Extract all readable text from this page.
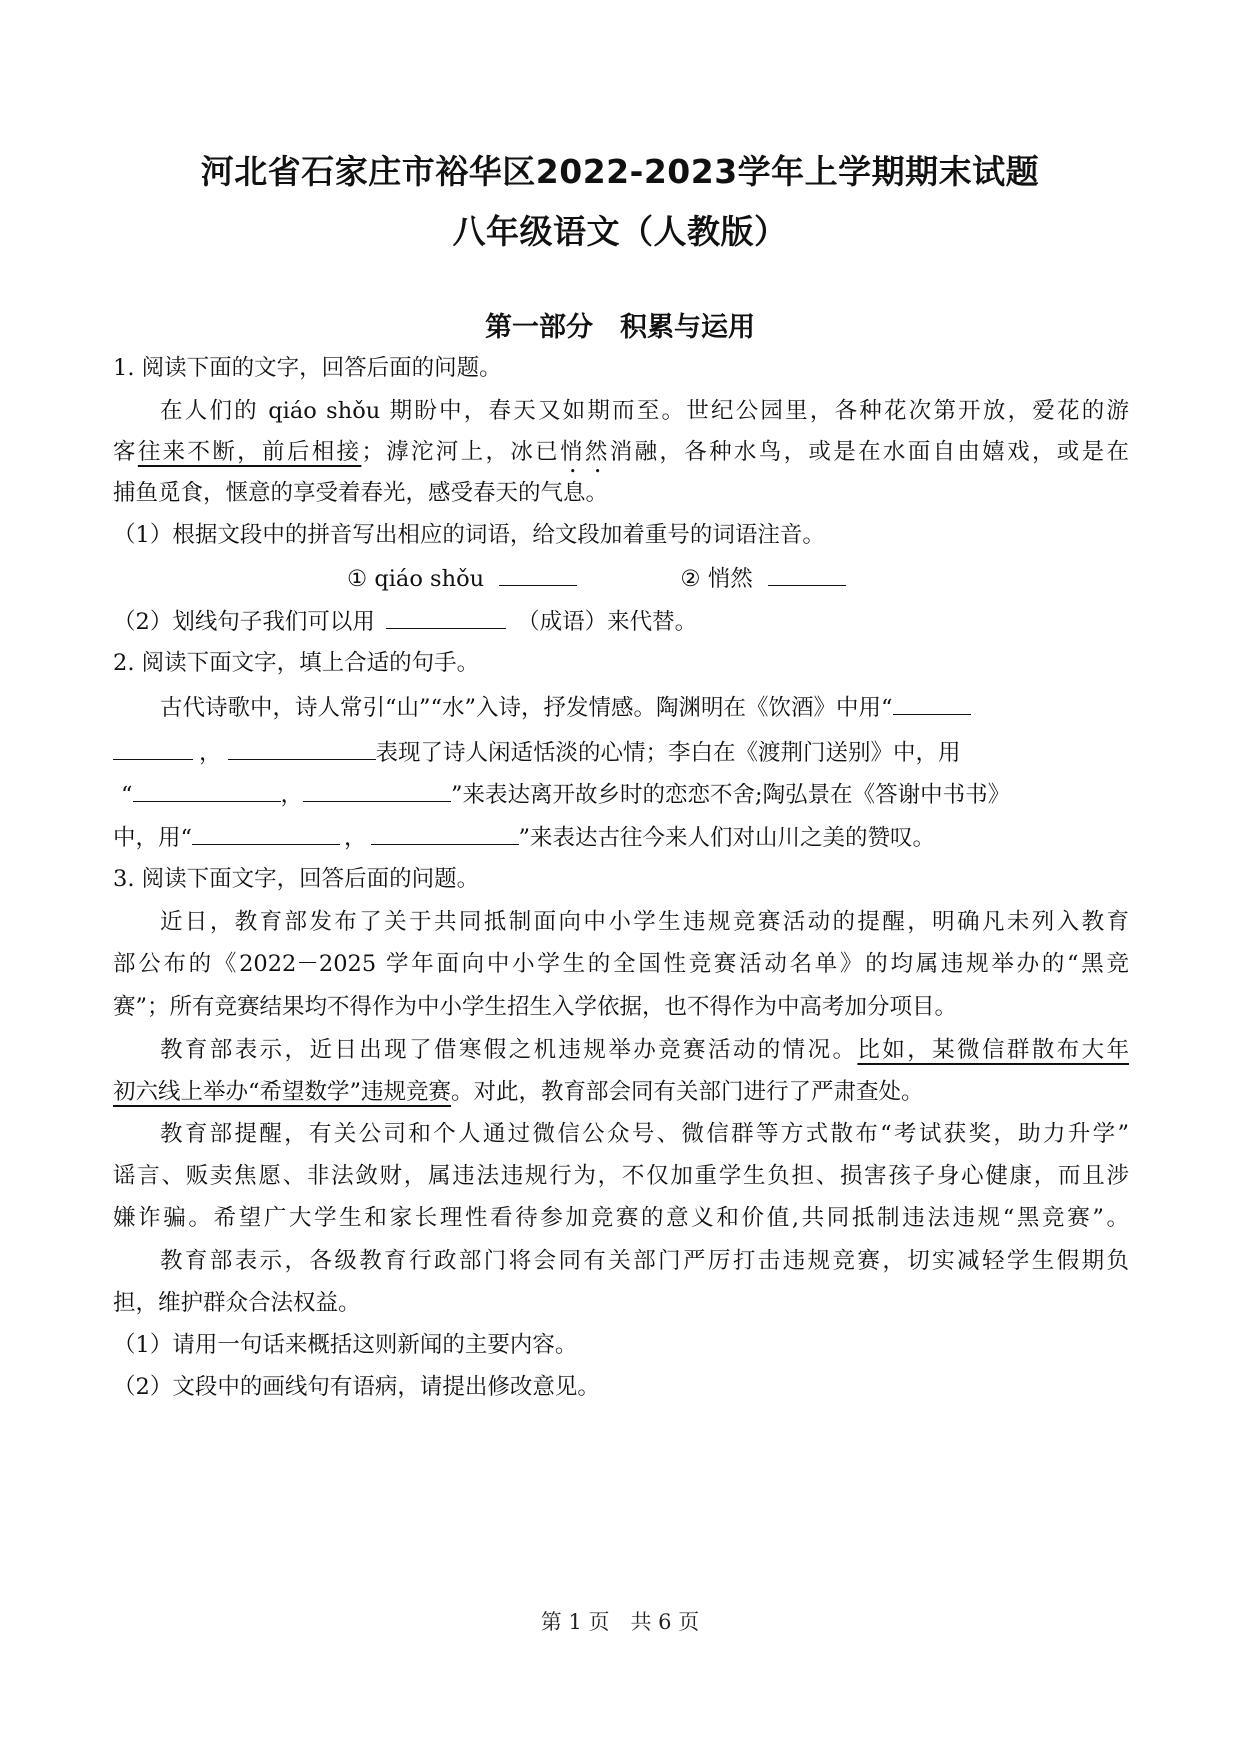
河北省石家庄市裕华区2022-2023学年上学期期末试题
八年级语文（人教版）
第一部分　积累与运用
1. 阅读下面的文字，回答后面的问题。
在人们的 qiáo shǒu 期盼中，春天又如期而至。世纪公园里，各种花次第开放，爱花的游
客往来不断，前后相接；滹沱河上，冰已悄然消融，各种水鸟，或是在水面自由嬉戏，或是在
捕鱼觅食，惬意的享受着春光，感受春天的气息。
（1）根据文段中的拼音写出相应的词语，给文段加着重号的词语注音。
① qiáo shǒu	② 悄然
（2）划线句子我们可以用	（成语）来代替。
2. 阅读下面文字，填上合适的句手。
古代诗歌中，诗人常引“山”“水”入诗，抒发情感。陶渊明在《饮酒》中用“
，	表现了诗人闲适恬淡的心情；李白在《渡荆门送别》中，用
“	，	”来表达离开故乡时的恋恋不舍;陶弘景在《答谢中书书》
中，用“	，	”来表达古往今来人们对山川之美的赞叹。
3. 阅读下面文字，回答后面的问题。
近日，教育部发布了关于共同抵制面向中小学生违规竞赛活动的提醒，明确凡未列入教育
部公布的《2022－2025 学年面向中小学生的全国性竞赛活动名单》的均属违规举办的“黑竞
赛”；所有竞赛结果均不得作为中小学生招生入学依据，也不得作为中高考加分项目。
教育部表示，近日出现了借寒假之机违规举办竞赛活动的情况。比如，某微信群散布大年
初六线上举办“希望数学”违规竞赛。对此，教育部会同有关部门进行了严肃查处。
教育部提醒，有关公司和个人通过微信公众号、微信群等方式散布“考试获奖，助力升学”
谣言、贩卖焦愿、非法敛财，属违法违规行为，不仅加重学生负担、损害孩子身心健康，而且涉
嫌诈骗。希望广大学生和家长理性看待参加竞赛的意义和价值,共同抵制违法违规“黑竞赛”。
教育部表示，各级教育行政部门将会同有关部门严厉打击违规竞赛，切实减轻学生假期负
担，维护群众合法权益。
（1）请用一句话来概括这则新闻的主要内容。
（2）文段中的画线句有语病，请提出修改意见。
第 1 页　共 6 页
